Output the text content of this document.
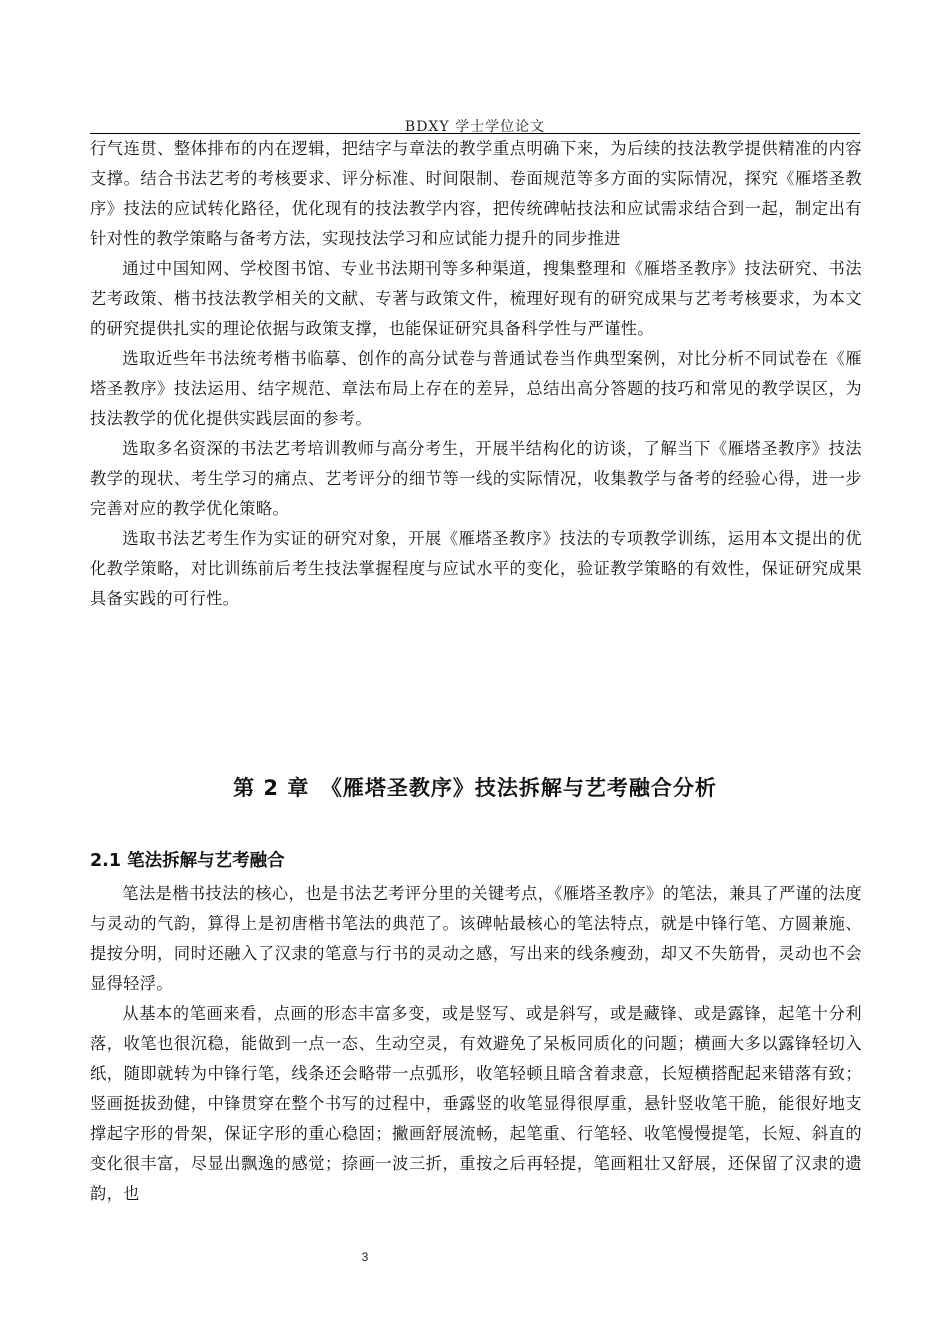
BDXY 学士学位论文

行气连贯、整体排布的内在逻辑，把结字与章法的教学重点明确下来，为后续的技法教学提供精准的内容支撑。结合书法艺考的考核要求、评分标准、时间限制、卷面规范等多方面的实际情况，探究《雁塔圣教序》技法的应试转化路径，优化现有的技法教学内容，把传统碑帖技法和应试需求结合到一起，制定出有针对性的教学策略与备考方法，实现技法学习和应试能力提升的同步推进

通过中国知网、学校图书馆、专业书法期刊等多种渠道，搜集整理和《雁塔圣教序》技法研究、书法艺考政策、楷书技法教学相关的文献、专著与政策文件，梳理好现有的研究成果与艺考考核要求，为本文的研究提供扎实的理论依据与政策支撑，也能保证研究具备科学性与严谨性。

选取近些年书法统考楷书临摹、创作的高分试卷与普通试卷当作典型案例，对比分析不同试卷在《雁塔圣教序》技法运用、结字规范、章法布局上存在的差异，总结出高分答题的技巧和常见的教学误区，为技法教学的优化提供实践层面的参考。

选取多名资深的书法艺考培训教师与高分考生，开展半结构化的访谈，了解当下《雁塔圣教序》技法教学的现状、考生学习的痛点、艺考评分的细节等一线的实际情况，收集教学与备考的经验心得，进一步完善对应的教学优化策略。

选取书法艺考生作为实证的研究对象，开展《雁塔圣教序》技法的专项教学训练，运用本文提出的优化教学策略，对比训练前后考生技法掌握程度与应试水平的变化，验证教学策略的有效性，保证研究成果具备实践的可行性。

第 2 章　《雁塔圣教序》技法拆解与艺考融合分析
2.1 笔法拆解与艺考融合

笔法是楷书技法的核心，也是书法艺考评分里的关键考点，《雁塔圣教序》的笔法，兼具了严谨的法度与灵动的气韵，算得上是初唐楷书笔法的典范了。该碑帖最核心的笔法特点，就是中锋行笔、方圆兼施、提按分明，同时还融入了汉隶的笔意与行书的灵动之感，写出来的线条瘦劲，却又不失筋骨，灵动也不会显得轻浮。

从基本的笔画来看，点画的形态丰富多变，或是竖写、或是斜写，或是藏锋、或是露锋，起笔十分利落，收笔也很沉稳，能做到一点一态、生动空灵，有效避免了呆板同质化的问题；横画大多以露锋轻切入纸，随即就转为中锋行笔，线条还会略带一点弧形，收笔轻顿且暗含着隶意，长短横搭配起来错落有致；竖画挺拔劲健，中锋贯穿在整个书写的过程中，垂露竖的收笔显得很厚重，悬针竖收笔干脆，能很好地支撑起字形的骨架，保证字形的重心稳固；撇画舒展流畅，起笔重、行笔轻、收笔慢慢提笔，长短、斜直的变化很丰富，尽显出飘逸的感觉；捺画一波三折，重按之后再轻提，笔画粗壮又舒展，还保留了汉隶的遗韵，也

3
